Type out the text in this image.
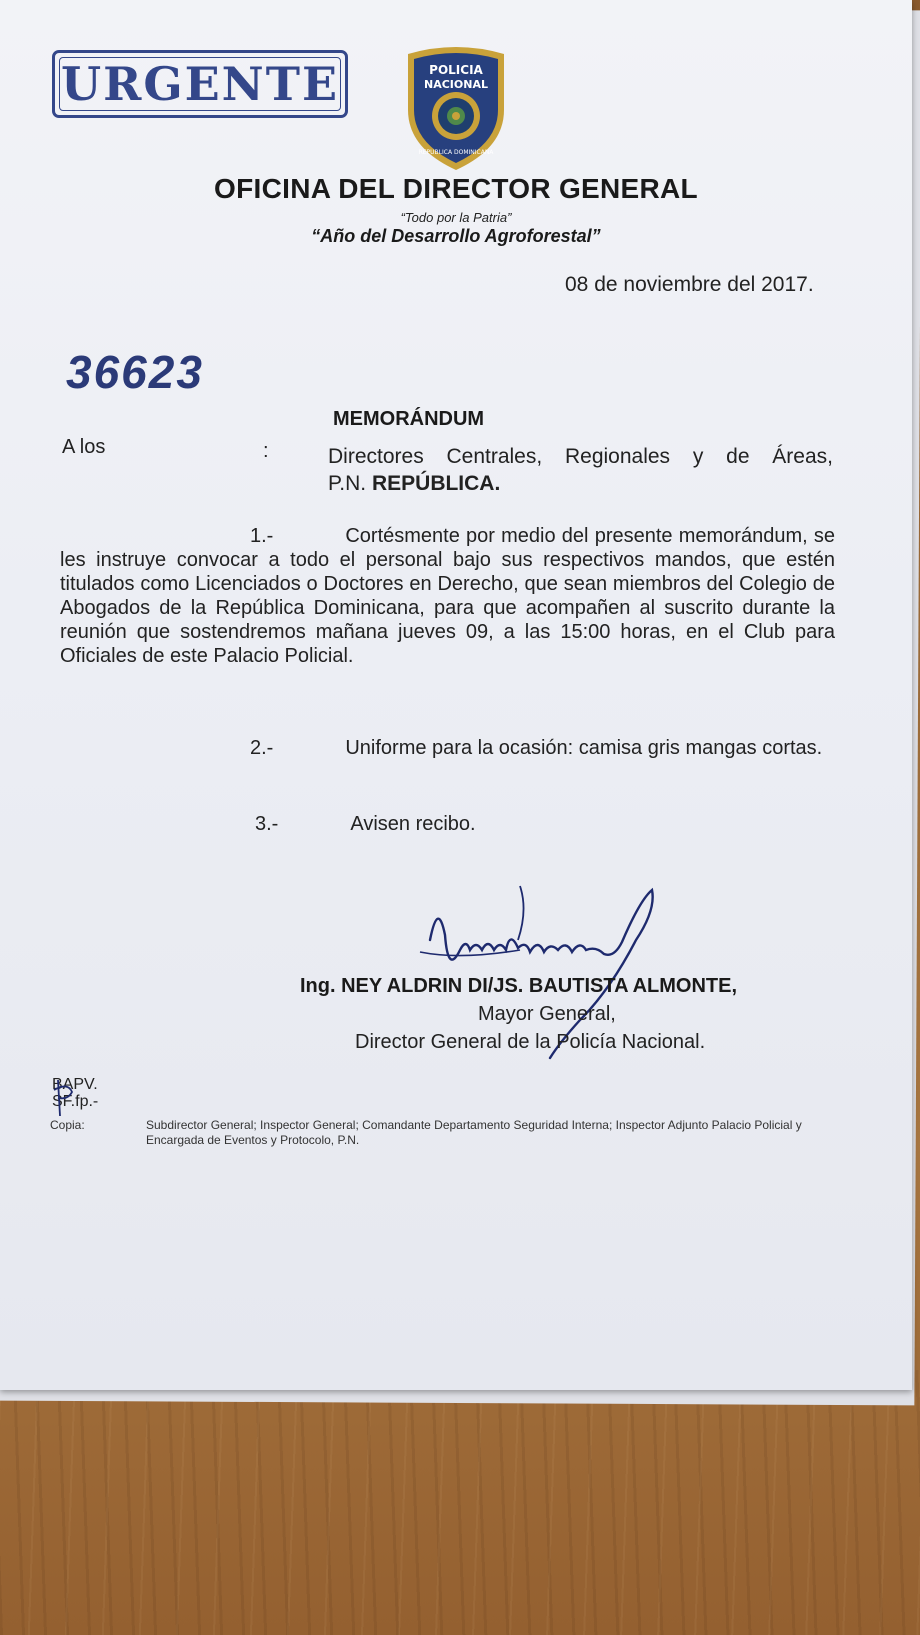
URGENTE	POLICIA
NACIONAL
REPUBLICA DOMINICANA
OFICINA DEL DIRECTOR GENERAL
“Todo por la Patria”
“Año del Desarrollo Agroforestal”
08 de noviembre del 2017.
36623
MEMORÁNDUM
A los	:	Directores Centrales, Regionales y de Áreas,
P.N. REPÚBLICA.
1.-	Cortésmente por medio del presente memorándum, se les instruye convocar a todo el personal bajo sus respectivos mandos, que estén titulados como Licenciados o Doctores en Derecho, que sean miembros del Colegio de Abogados de la República Dominicana, para que acompañen al suscrito durante la reunión que sostendremos mañana jueves 09, a las 15:00 horas, en el Club para Oficiales de este Palacio Policial.
2.-	Uniforme para la ocasión: camisa gris mangas cortas.
3.-	Avisen recibo.
Ing. NEY ALDRIN DI/JS. BAUTISTA ALMONTE,
Mayor General,
Director General de la Policía Nacional.
BAPV.
SF.fp.-
Copia:	Subdirector General; Inspector General; Comandante Departamento Seguridad Interna; Inspector Adjunto Palacio Policial y Encargada de Eventos y Protocolo, P.N.
